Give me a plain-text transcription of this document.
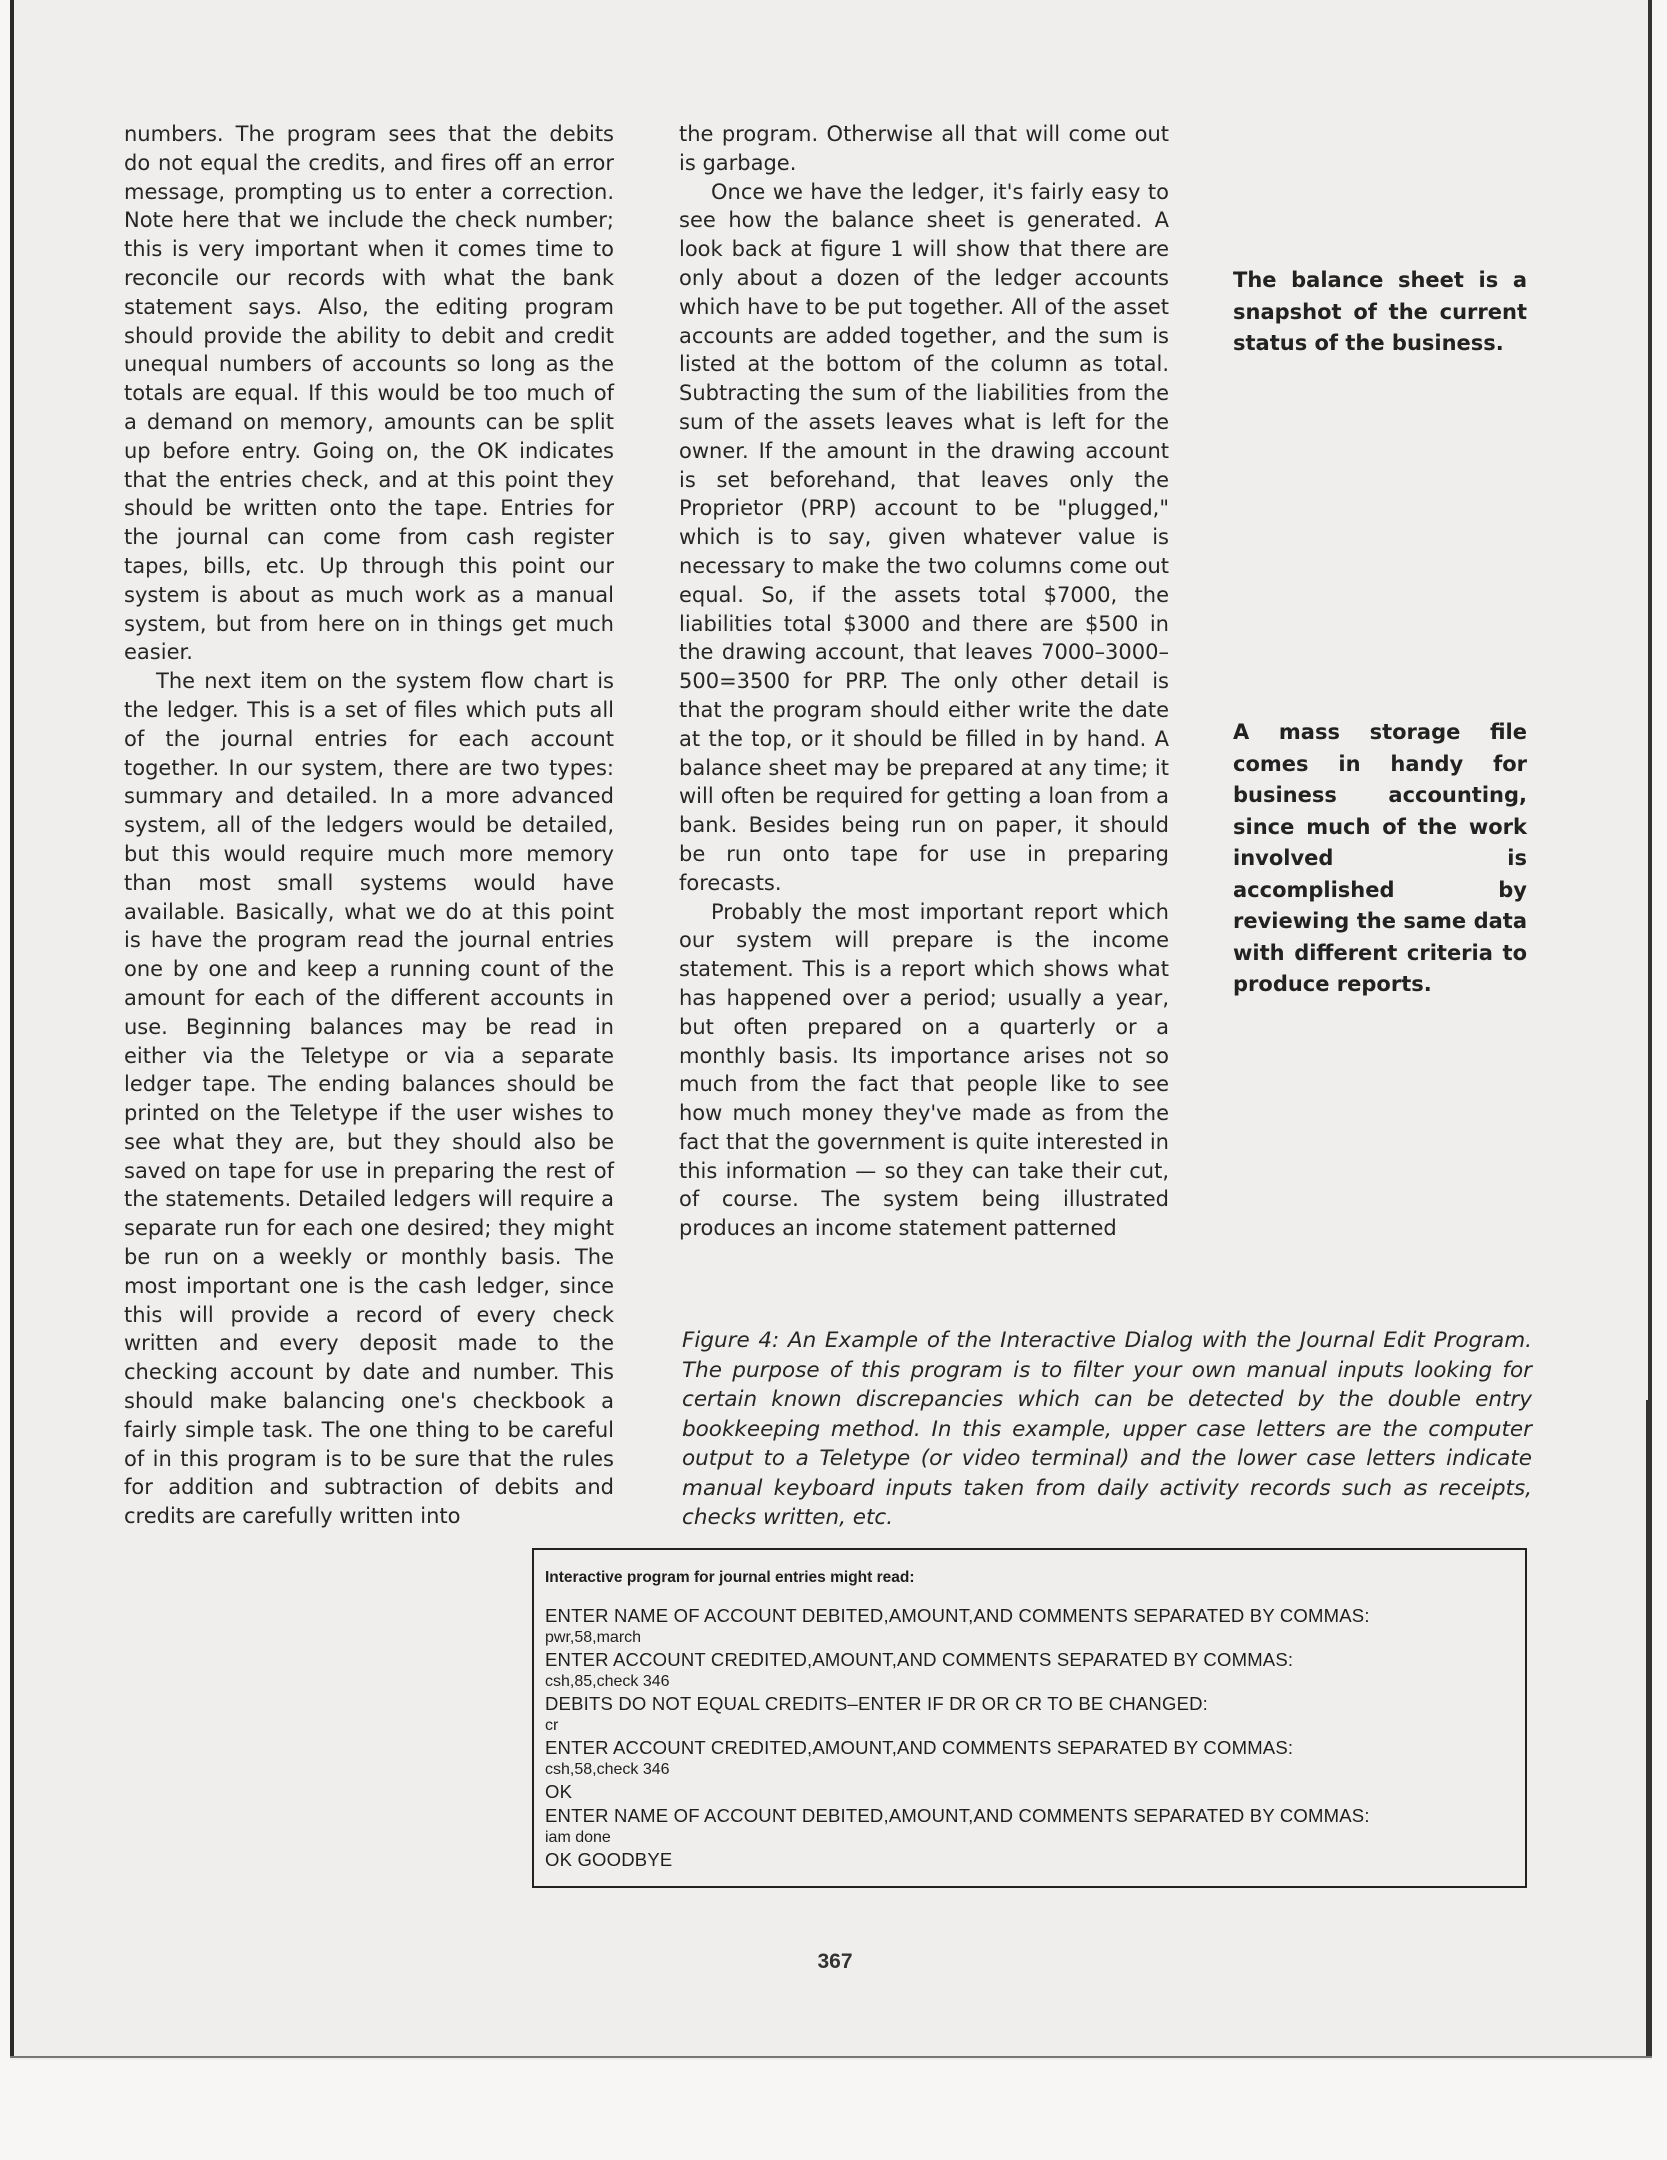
numbers. The program sees that the debits do not equal the credits, and fires off an error message, prompting us to enter a correction. Note here that we include the check number; this is very important when it comes time to reconcile our records with what the bank statement says. Also, the editing program should provide the ability to debit and credit unequal numbers of accounts so long as the totals are equal. If this would be too much of a demand on memory, amounts can be split up before entry. Going on, the OK indicates that the entries check, and at this point they should be written onto the tape. Entries for the journal can come from cash register tapes, bills, etc. Up through this point our system is about as much work as a manual system, but from here on in things get much easier.

The next item on the system flow chart is the ledger. This is a set of files which puts all of the journal entries for each account together. In our system, there are two types: summary and detailed. In a more advanced system, all of the ledgers would be detailed, but this would require much more memory than most small systems would have available. Basically, what we do at this point is have the program read the journal entries one by one and keep a running count of the amount for each of the different accounts in use. Beginning balances may be read in either via the Teletype or via a separate ledger tape. The ending balances should be printed on the Teletype if the user wishes to see what they are, but they should also be saved on tape for use in preparing the rest of the statements. Detailed ledgers will require a separate run for each one desired; they might be run on a weekly or monthly basis. The most important one is the cash ledger, since this will provide a record of every check written and every deposit made to the checking account by date and number. This should make balancing one's checkbook a fairly simple task. The one thing to be careful of in this program is to be sure that the rules for addition and subtraction of debits and credits are carefully written into

the program. Otherwise all that will come out is garbage.

Once we have the ledger, it's fairly easy to see how the balance sheet is generated. A look back at figure 1 will show that there are only about a dozen of the ledger accounts which have to be put together. All of the asset accounts are added together, and the sum is listed at the bottom of the column as total. Subtracting the sum of the liabilities from the sum of the assets leaves what is left for the owner. If the amount in the drawing account is set beforehand, that leaves only the Proprietor (PRP) account to be "plugged," which is to say, given whatever value is necessary to make the two columns come out equal. So, if the assets total $7000, the liabilities total $3000 and there are $500 in the drawing account, that leaves 7000–3000–500=3500 for PRP. The only other detail is that the program should either write the date at the top, or it should be filled in by hand. A balance sheet may be prepared at any time; it will often be required for getting a loan from a bank. Besides being run on paper, it should be run onto tape for use in preparing forecasts.

Probably the most important report which our system will prepare is the income statement. This is a report which shows what has happened over a period; usually a year, but often prepared on a quarterly or a monthly basis. Its importance arises not so much from the fact that people like to see how much money they've made as from the fact that the government is quite interested in this information — so they can take their cut, of course. The system being illustrated produces an income statement patterned

The balance sheet is a snapshot of the current status of the business.
A mass storage file comes in handy for business accounting, since much of the work involved is accomplished by reviewing the same data with different criteria to produce reports.
Figure 4: An Example of the Interactive Dialog with the Journal Edit Program. The purpose of this program is to filter your own manual inputs looking for certain known discrepancies which can be detected by the double entry bookkeeping method. In this example, upper case letters are the computer output to a Teletype (or video terminal) and the lower case letters indicate manual keyboard inputs taken from daily activity records such as receipts, checks written, etc.
Interactive program for journal entries might read:
ENTER NAME OF ACCOUNT DEBITED,AMOUNT,AND COMMENTS SEPARATED BY COMMAS:
pwr,58,march
ENTER ACCOUNT CREDITED,AMOUNT,AND COMMENTS SEPARATED BY COMMAS:
csh,85,check 346
DEBITS DO NOT EQUAL CREDITS–ENTER IF DR OR CR TO BE CHANGED:
cr
ENTER ACCOUNT CREDITED,AMOUNT,AND COMMENTS SEPARATED BY COMMAS:
csh,58,check 346
OK
ENTER NAME OF ACCOUNT DEBITED,AMOUNT,AND COMMENTS SEPARATED BY COMMAS:
iam done
OK GOODBYE
367
